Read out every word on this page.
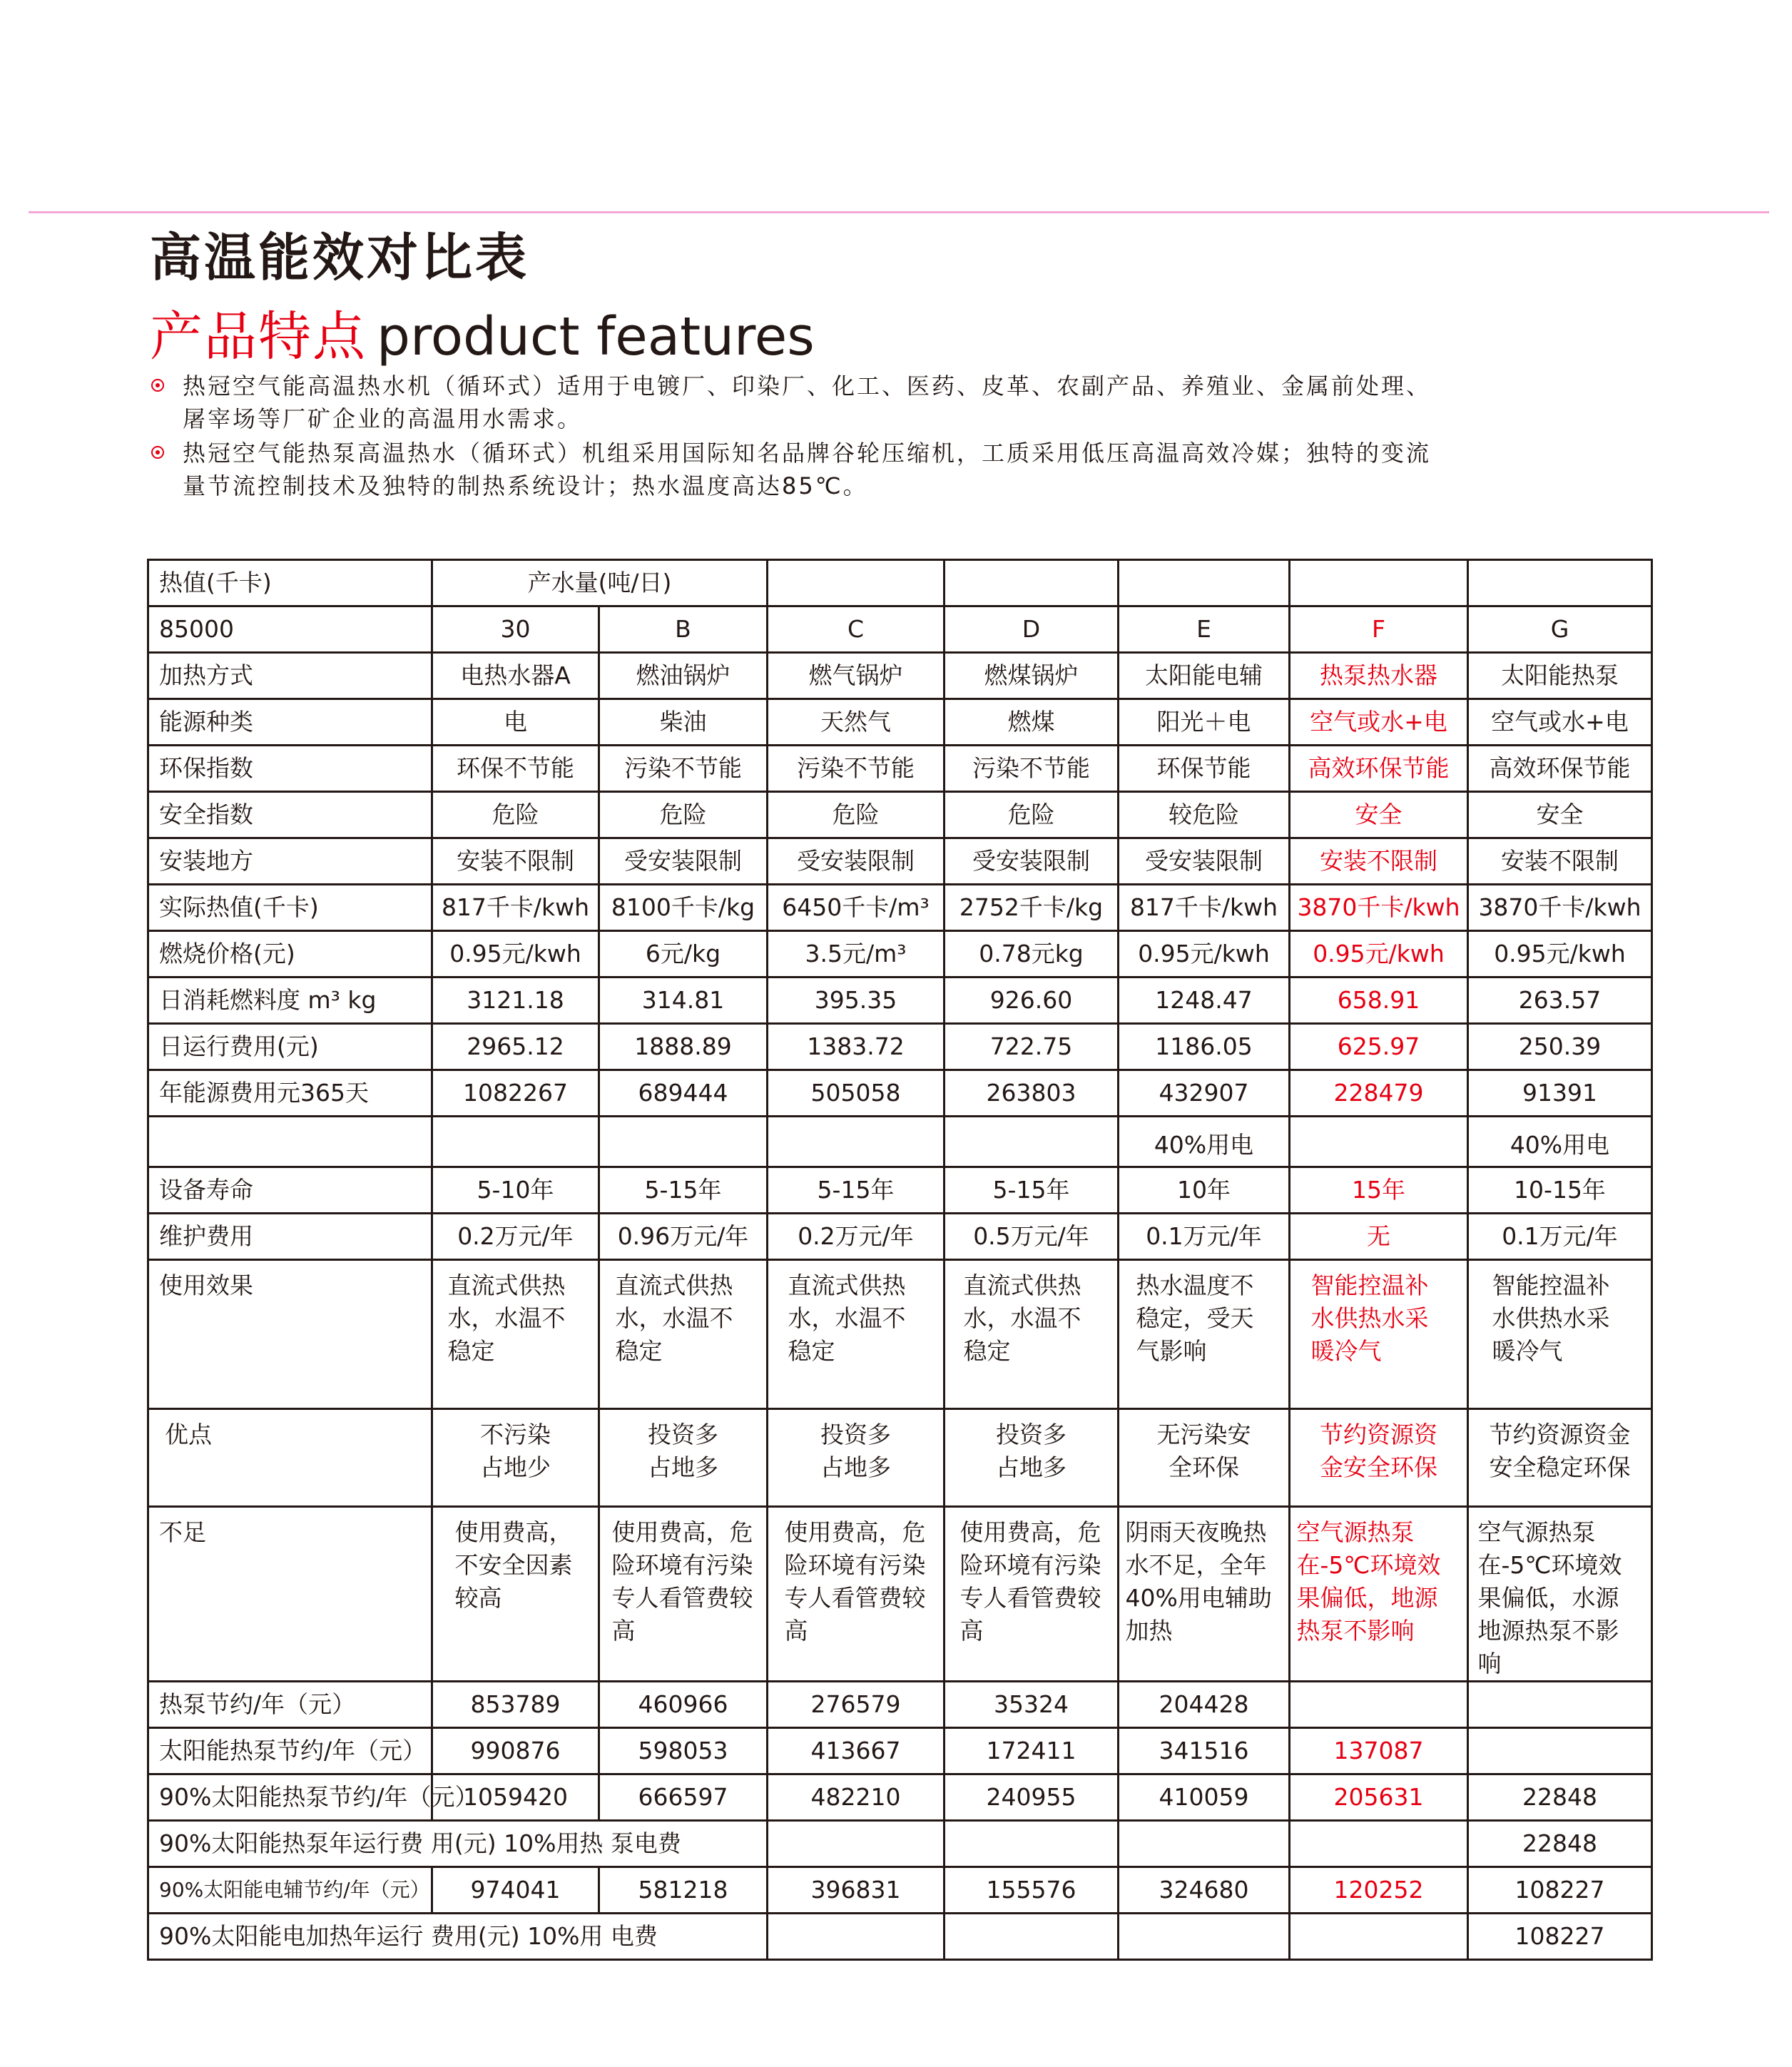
高温能效对比表
产品特点 product features
热冠空气能高温热水机（循环式）适用于电镀厂、印染厂、化工、医药、皮革、农副产品、养殖业、金属前处理、屠宰场等厂矿企业的高温用水需求。
热冠空气能热泵高温热水（循环式）机组采用国际知名品牌谷轮压缩机，工质采用低压高温高效冷媒；独特的变流量节流控制技术及独特的制热系统设计；热水温度高达85℃。
热值(千卡)	产水量(吨/日)						
85000	30	B	C	D	E	F	G
加热方式	电热水器A	燃油锅炉	燃气锅炉	燃煤锅炉	太阳能电辅	热泵热水器	太阳能热泵
能源种类	电	柴油	天然气	燃煤	阳光＋电	空气或水+电	空气或水+电
环保指数	环保不节能	污染不节能	污染不节能	污染不节能	环保节能	高效环保节能	高效环保节能
安全指数	危险	危险	危险	危险	较危险	安全	安全
安装地方	安装不限制	受安装限制	受安装限制	受安装限制	受安装限制	安装不限制	安装不限制
实际热值(千卡)	817千卡/kwh	8100千卡/kg	6450千卡/m³	2752千卡/kg	817千卡/kwh	3870千卡/kwh	3870千卡/kwh
燃烧价格(元)	0.95元/kwh	6元/kg	3.5元/m³	0.78元kg	0.95元/kwh	0.95元/kwh	0.95元/kwh
日消耗燃料度 m³ kg	3121.18	314.81	395.35	926.60	1248.47	658.91	263.57
日运行费用(元)	2965.12	1888.89	1383.72	722.75	1186.05	625.97	250.39
年能源费用元365天	1082267	689444	505058	263803	432907	228479	91391
					40%用电		40%用电
设备寿命	5-10年	5-15年	5-15年	5-15年	10年	15年	10-15年
维护费用	0.2万元/年	0.96万元/年	0.2万元/年	0.5万元/年	0.1万元/年	无	0.1万元/年
使用效果	直流式供热水，水温不稳定	直流式供热水，水温不稳定	直流式供热水，水温不稳定	直流式供热水，水温不稳定	热水温度不稳定，受天气影响	智能控温补水供热水采暖冷气	智能控温补水供热水采暖冷气
优点	不污染占地少	投资多占地多	投资多占地多	投资多占地多	无污染安全环保	节约资源资金安全环保	节约资源资金安全稳定环保
不足	使用费高，不安全因素较高	使用费高，危险环境有污染专人看管费较高	使用费高，危险环境有污染专人看管费较高	使用费高，危险环境有污染专人看管费较高	阴雨天夜晚热水不足，全年40%用电辅助加热	空气源热泵在-5℃环境效果偏低，地源热泵不影响	空气源热泵在-5℃环境效果偏低，水源地源热泵不影响
热泵节约/年（元）	853789	460966	276579	35324	204428		
太阳能热泵节约/年（元）	990876	598053	413667	172411	341516	137087	
90%太阳能热泵节约/年（元）	1059420	666597	482210	240955	410059	205631	22848
90%太阳能热泵年运行费 用(元) 10%用热 泵电费							22848
90%太阳能电辅节约/年（元）	974041	581218	396831	155576	324680	120252	108227
90%太阳能电加热年运行 费用(元) 10%用 电费							108227
